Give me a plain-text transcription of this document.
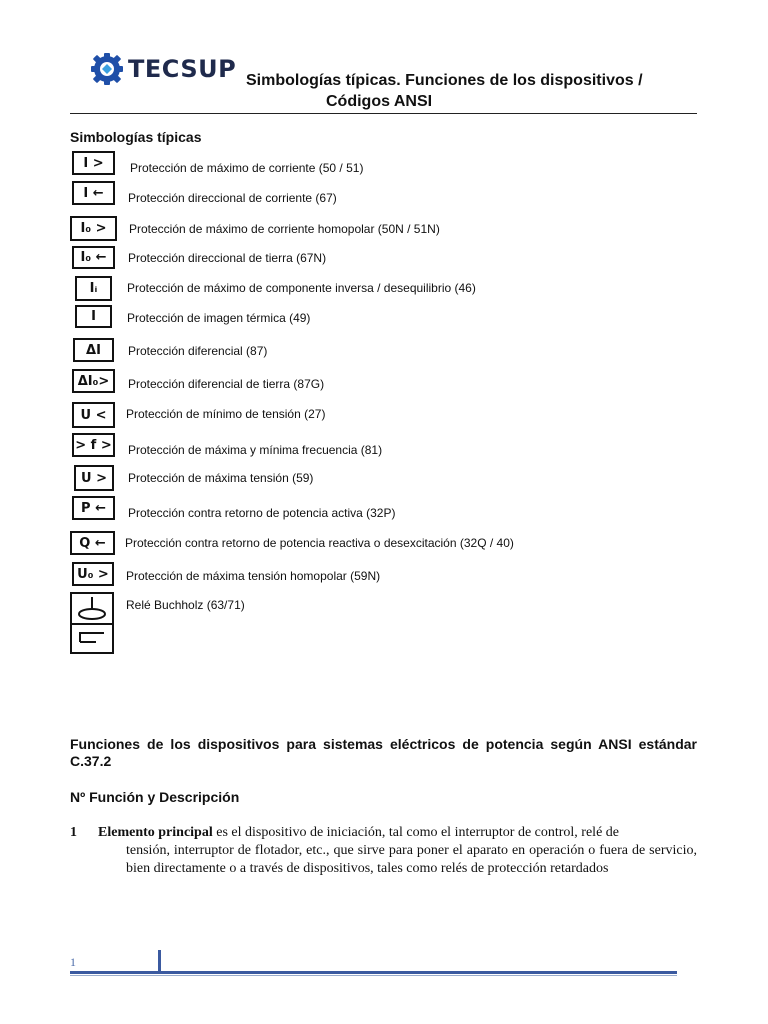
TECSUP Simbologías típicas. Funciones de los dispositivos /
Códigos ANSI
Simbologías típicas
I >	Protección de máximo de corriente (50 / 51)
I ←	Protección direccional de corriente (67)
I₀ >	Protección de máximo de corriente homopolar (50N / 51N)
I₀ ←	Protección direccional de tierra (67N)
Iᵢ	Protección de máximo de componente inversa / desequilibrio (46)
I	Protección de imagen térmica (49)
ΔI	Protección diferencial (87)
ΔI₀>	Protección diferencial de tierra (87G)
U <	Protección de mínimo de tensión (27)
> f > Protección de máxima y mínima frecuencia (81)
U >	Protección de máxima tensión (59)
P ←	Protección contra retorno de potencia activa (32P)
Q ←	Protección contra retorno de potencia reactiva o desexcitación (32Q / 40)
U₀ >	Protección de máxima tensión homopolar (59N)
Relé Buchholz (63/71)
Funciones de los dispositivos para sistemas eléctricos de potencia según ANSI estándar C.37.2
Nº Función y Descripción
1 Elemento principal es el dispositivo de iniciación, tal como el interruptor de control, relé de
tensión, interruptor de flotador, etc., que sirve para poner el aparato en operación o fuera de servicio, bien directamente o a través de dispositivos, tales como relés de protección retardados
1
